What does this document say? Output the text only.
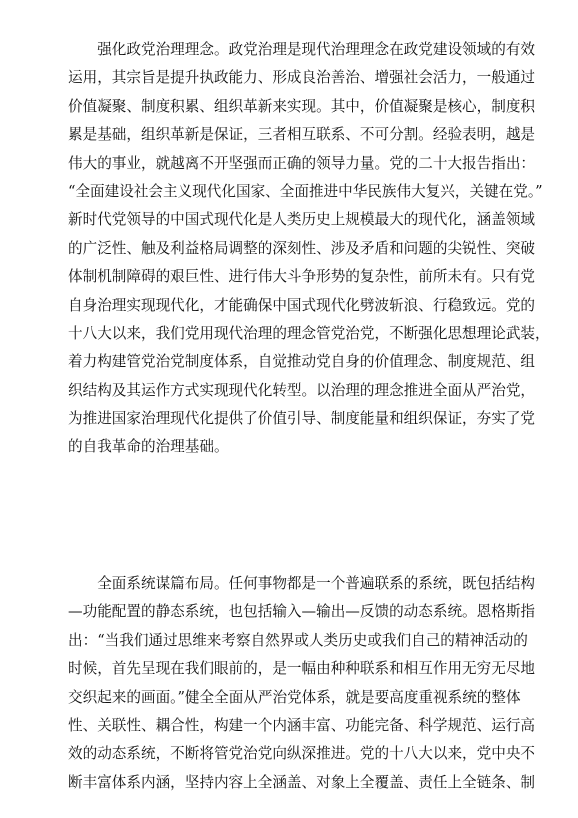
　　强化政党治理理念。政党治理是现代治理理念在政党建设领域的有效
运用，其宗旨是提升执政能力、形成良治善治、增强社会活力，一般通过
价值凝聚、制度积累、组织革新来实现。其中，价值凝聚是核心，制度积
累是基础，组织革新是保证，三者相互联系、不可分割。经验表明，越是
伟大的事业，就越离不开坚强而正确的领导力量。党的二十大报告指出：
“全面建设社会主义现代化国家、全面推进中华民族伟大复兴，关键在党。”
新时代党领导的中国式现代化是人类历史上规模最大的现代化，涵盖领域
的广泛性、触及利益格局调整的深刻性、涉及矛盾和问题的尖锐性、突破
体制机制障碍的艰巨性、进行伟大斗争形势的复杂性，前所未有。只有党
自身治理实现现代化，才能确保中国式现代化劈波斩浪、行稳致远。党的
十八大以来，我们党用现代治理的理念管党治党，不断强化思想理论武装，
着力构建管党治党制度体系，自觉推动党自身的价值理念、制度规范、组
织结构及其运作方式实现现代化转型。以治理的理念推进全面从严治党，
为推进国家治理现代化提供了价值引导、制度能量和组织保证，夯实了党
的自我革命的治理基础。
　　全面系统谋篇布局。任何事物都是一个普遍联系的系统，既包括结构
—功能配置的静态系统，也包括输入—输出—反馈的动态系统。恩格斯指
出：“当我们通过思维来考察自然界或人类历史或我们自己的精神活动的
时候，首先呈现在我们眼前的，是一幅由种种联系和相互作用无穷无尽地
交织起来的画面。”健全全面从严治党体系，就是要高度重视系统的整体
性、关联性、耦合性，构建一个内涵丰富、功能完备、科学规范、运行高
效的动态系统，不断将管党治党向纵深推进。党的十八大以来，党中央不
断丰富体系内涵，坚持内容上全涵盖、对象上全覆盖、责任上全链条、制
